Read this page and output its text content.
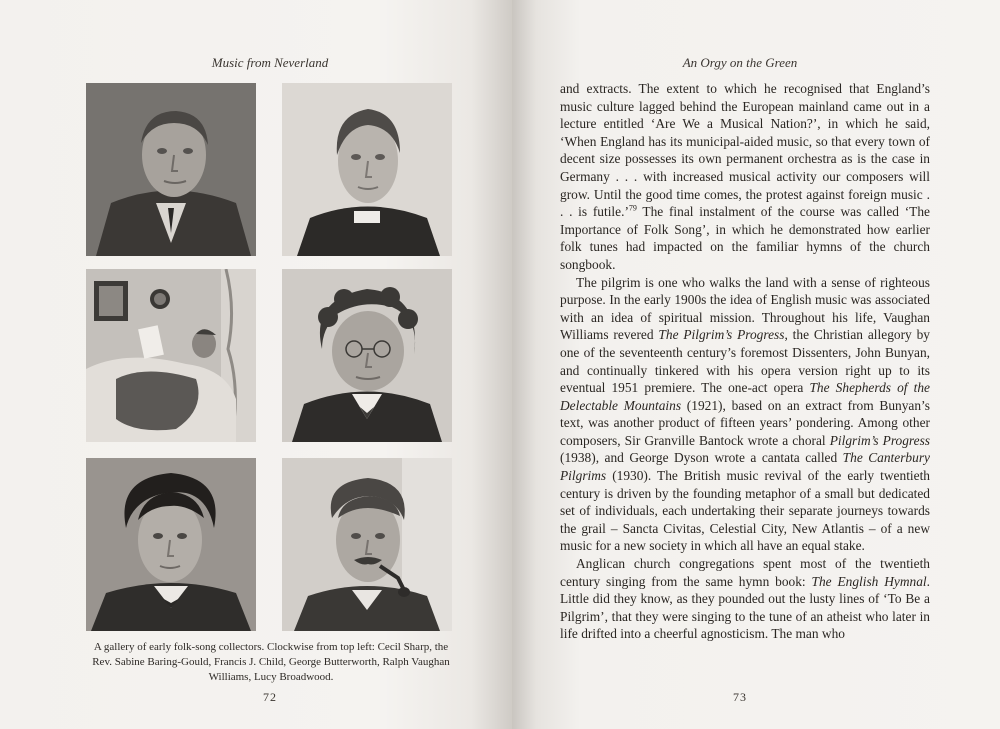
Music from Neverland
A gallery of early folk-song collectors. Clockwise from top left: Cecil Sharp, the Rev. Sabine Baring-Gould, Francis J. Child, George Butterworth, Ralph Vaughan Williams, Lucy Broadwood.
72
An Orgy on the Green

and extracts. The extent to which he recognised that England’s music culture lagged behind the European mainland came out in a lecture entitled ‘Are We a Musical Nation?’, in which he said, ‘When England has its municipal-aided music, so that every town of decent size possesses its own permanent orchestra as is the case in Germany . . . with increased musical activity our composers will grow. Until the good time comes, the protest against foreign music . . . is futile.’$^{79}$ The final instalment of the course was called ‘The Importance of Folk Song’, in which he demonstrated how earlier folk tunes had impacted on the familiar hymns of the church songbook.

The pilgrim is one who walks the land with a sense of righteous purpose. In the early 1900s the idea of English music was associated with an idea of spiritual mission. Throughout his life, Vaughan Williams revered The Pilgrim’s Progress, the Christian allegory by one of the seventeenth century’s foremost Dissenters, John Bunyan, and continually tinkered with his opera version right up to its eventual 1951 premiere. The one-act opera The Shepherds of the Delectable Mountains (1921), based on an extract from Bunyan’s text, was another product of fifteen years’ pondering. Among other composers, Sir Granville Bantock wrote a choral Pilgrim’s Progress (1938), and George Dyson wrote a cantata called The Canterbury Pilgrims (1930). The British music revival of the early twentieth century is driven by the founding metaphor of a small but dedicated set of individuals, each undertaking their separate journeys towards the grail – Sancta Civitas, Celestial City, New Atlantis – of a new music for a new society in which all have an equal stake.

Anglican church congregations spent most of the twentieth century singing from the same hymn book: The English Hymnal. Little did they know, as they pounded out the lusty lines of ‘To Be a Pilgrim’, that they were singing to the tune of an atheist who later in life drifted into a cheerful agnosticism. The man who

73
